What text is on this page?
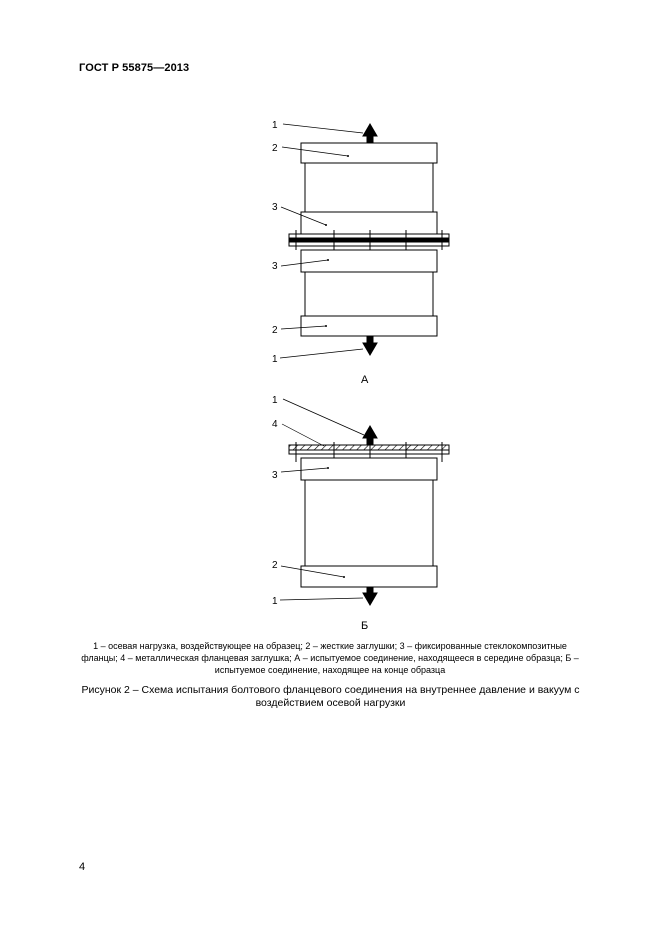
ГОСТ Р 55875—2013
1
2
3
3
2
1
А
1
4
3
2
1
Б
1 – осевая нагрузка, воздействующее на образец; 2 – жесткие заглушки; 3 – фиксированные стеклокомпозитные фланцы; 4 – металлическая фланцевая заглушка; А – испытуемое соединение, находящееся в середине образца; Б – испытуемое соединение, находящее на конце образца
Рисунок 2 – Схема испытания болтового фланцевого соединения на внутреннее давление и вакуум с воздействием осевой нагрузки
4
